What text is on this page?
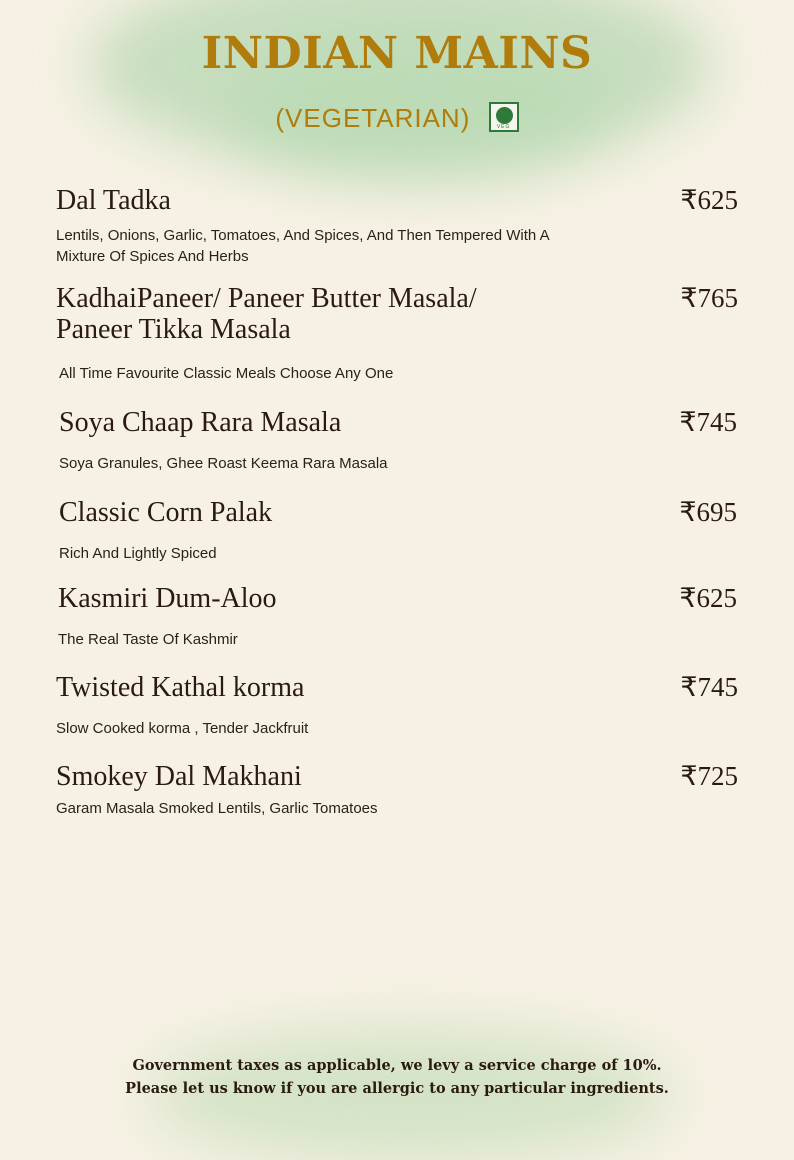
INDIAN MAINS
(VEGETARIAN)	VEG
Dal Tadka	₹625
Lentils, Onions, Garlic, Tomatoes, And Spices, And Then Tempered With A Mixture Of Spices And Herbs
KadhaiPaneer/ Paneer Butter Masala/ Paneer Tikka Masala
₹765
All Time Favourite Classic Meals Choose Any One
Soya Chaap Rara Masala	₹745
Soya Granules, Ghee Roast Keema Rara Masala
Classic Corn Palak	₹695
Rich And Lightly Spiced
Kasmiri Dum-Aloo	₹625
The Real Taste Of Kashmir
Twisted Kathal korma	₹745
Slow Cooked korma , Tender Jackfruit
Smokey Dal Makhani	₹725
Garam Masala Smoked Lentils, Garlic Tomatoes
Government taxes as applicable, we levy a service charge of 10%.
Please let us know if you are allergic to any particular ingredients.
